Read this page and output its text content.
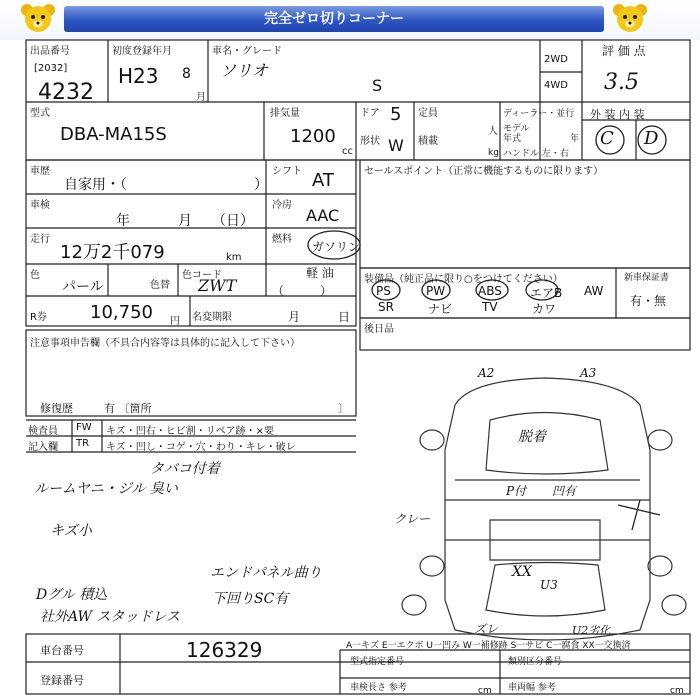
完全ゼロ切りコーナー
出品番号
[2032]
4232
初度登録年月
H23 8
月
車名・グレード
ソリオ
S
2WD
4WD
評 価 点
3.5
型式
DBA-MA15S
排気量
1200
cc
ドア 5
形状 W
定員
人
積載
kg
ディーラー・並行
モデル
年式	年
ハンドル 左・右
外 装 内 装
C D
車歴
自家用・（	）
シフト AT
車検
年	月 （日）
冷房
AAC
走行
12万2千079	km
燃料
ガソリン
軽 油
（　　　）
色
パール	色替
色コード
ZWT
R券 10,750 円 名変期限	月	日
注意事項申告欄（不具合内容等は具体的に記入して下さい）
修復歴	有 〔箇所	〕
セールスポイント（正常に機能するものに限ります）
装備品（純正品に限り○をつけてください）
PS	PW	ABS エアB AW
SR	ナビ TV	カワ
新車保証書
有・無
後日品
検査員
記入欄
FW キズ・凹右・ヒビ割・リペア跡・×要
TR キズ・凹し・コゲ・穴・わり・キレ・破レ
ルームヤニ・ジル 臭い
キズ小
タバコ付着
Dグル 積込
社外AW スタッドレス
エンドパネル曲り
下回りSC有
A2	A3
脱着
P付 凹有
クレー
XX
U3
ズレ	U2劣化
車台番号	126329
登録番号
A一キズ E一エクボ U一凹み W一補修跡 S一サビ C一腐食 XX一交換済
型式指定番号	類別区分番号
車検長さ 参考	cm 車両幅 参考	cm
